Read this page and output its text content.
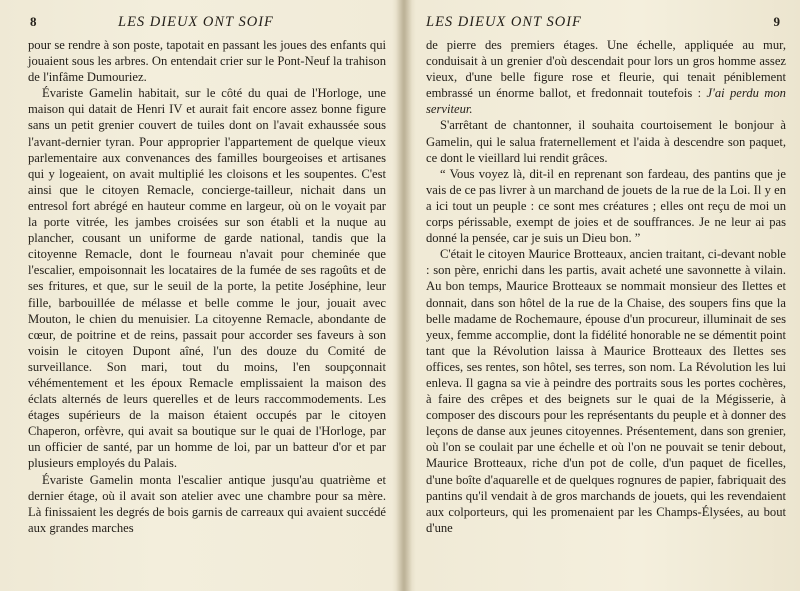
8	LES DIEUX ONT SOIF

pour se rendre à son poste, tapotait en passant les joues des enfants qui jouaient sous les arbres. On entendait crier sur le Pont-Neuf la trahison de l'infâme Dumouriez.

Évariste Gamelin habitait, sur le côté du quai de l'Horloge, une maison qui datait de Henri IV et aurait fait encore assez bonne figure sans un petit grenier couvert de tuiles dont on l'avait exhaussée sous l'avant-dernier tyran. Pour approprier l'appartement de quelque vieux parlementaire aux convenances des familles bourgeoises et artisanes qui y logeaient, on avait multiplié les cloisons et les soupentes. C'est ainsi que le citoyen Remacle, concierge-tailleur, nichait dans un entresol fort abrégé en hauteur comme en largeur, où on le voyait par la porte vitrée, les jambes croisées sur son établi et la nuque au plancher, cousant un uniforme de garde national, tandis que la citoyenne Remacle, dont le fourneau n'avait pour cheminée que l'escalier, empoisonnait les locataires de la fumée de ses ragoûts et de ses fritures, et que, sur le seuil de la porte, la petite Joséphine, leur fille, barbouillée de mélasse et belle comme le jour, jouait avec Mouton, le chien du menuisier. La citoyenne Remacle, abondante de cœur, de poitrine et de reins, passait pour accorder ses faveurs à son voisin le citoyen Dupont aîné, l'un des douze du Comité de surveillance. Son mari, tout du moins, l'en soupçonnait véhémentement et les époux Remacle emplissaient la maison des éclats alternés de leurs querelles et de leurs raccommodements. Les étages supérieurs de la maison étaient occupés par le citoyen Chaperon, orfèvre, qui avait sa boutique sur le quai de l'Horloge, par un officier de santé, par un homme de loi, par un batteur d'or et par plusieurs employés du Palais.

Évariste Gamelin monta l'escalier antique jusqu'au quatrième et dernier étage, où il avait son atelier avec une chambre pour sa mère. Là finissaient les degrés de bois garnis de carreaux qui avaient succédé aux grandes marches

LES DIEUX ONT SOIF	9

de pierre des premiers étages. Une échelle, appliquée au mur, conduisait à un grenier d'où descendait pour lors un gros homme assez vieux, d'une belle figure rose et fleurie, qui tenait péniblement embrassé un énorme ballot, et fredonnait toutefois : J'ai perdu mon serviteur.

S'arrêtant de chantonner, il souhaita courtoisement le bonjour à Gamelin, qui le salua fraternellement et l'aida à descendre son paquet, ce dont le vieillard lui rendit grâces.

“ Vous voyez là, dit-il en reprenant son fardeau, des pantins que je vais de ce pas livrer à un marchand de jouets de la rue de la Loi. Il y en a ici tout un peuple : ce sont mes créatures ; elles ont reçu de moi un corps périssable, exempt de joies et de souffrances. Je ne leur ai pas donné la pensée, car je suis un Dieu bon. ”

C'était le citoyen Maurice Brotteaux, ancien traitant, ci-devant noble : son père, enrichi dans les partis, avait acheté une savonnette à vilain. Au bon temps, Maurice Brotteaux se nommait monsieur des Ilettes et donnait, dans son hôtel de la rue de la Chaise, des soupers fins que la belle madame de Rochemaure, épouse d'un procureur, illuminait de ses yeux, femme accomplie, dont la fidélité honorable ne se démentit point tant que la Révolution laissa à Maurice Brotteaux des Ilettes ses offices, ses rentes, son hôtel, ses terres, son nom. La Révolution les lui enleva. Il gagna sa vie à peindre des portraits sous les portes cochères, à faire des crêpes et des beignets sur le quai de la Mégisserie, à composer des discours pour les représentants du peuple et à donner des leçons de danse aux jeunes citoyennes. Présentement, dans son grenier, où l'on se coulait par une échelle et où l'on ne pouvait se tenir debout, Maurice Brotteaux, riche d'un pot de colle, d'un paquet de ficelles, d'une boîte d'aquarelle et de quelques rognures de papier, fabriquait des pantins qu'il vendait à de gros marchands de jouets, qui les revendaient aux colporteurs, qui les promenaient par les Champs-Élysées, au bout d'une
